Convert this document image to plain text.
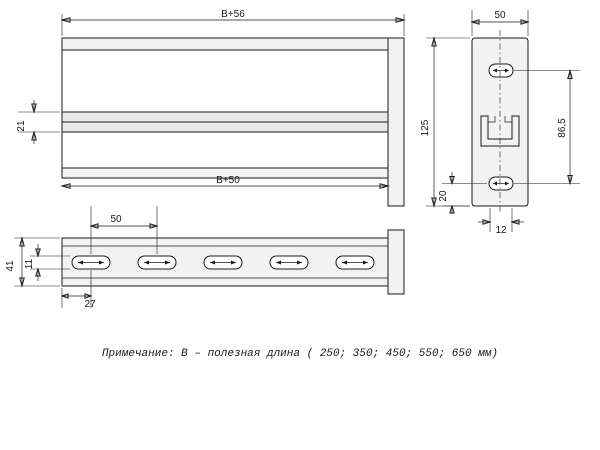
B+56
B+50
21
50
41 11
27
50
125	86,5
20
12
Примечание: B – полезная длина ( 250; 350; 450; 550; 650 мм)
